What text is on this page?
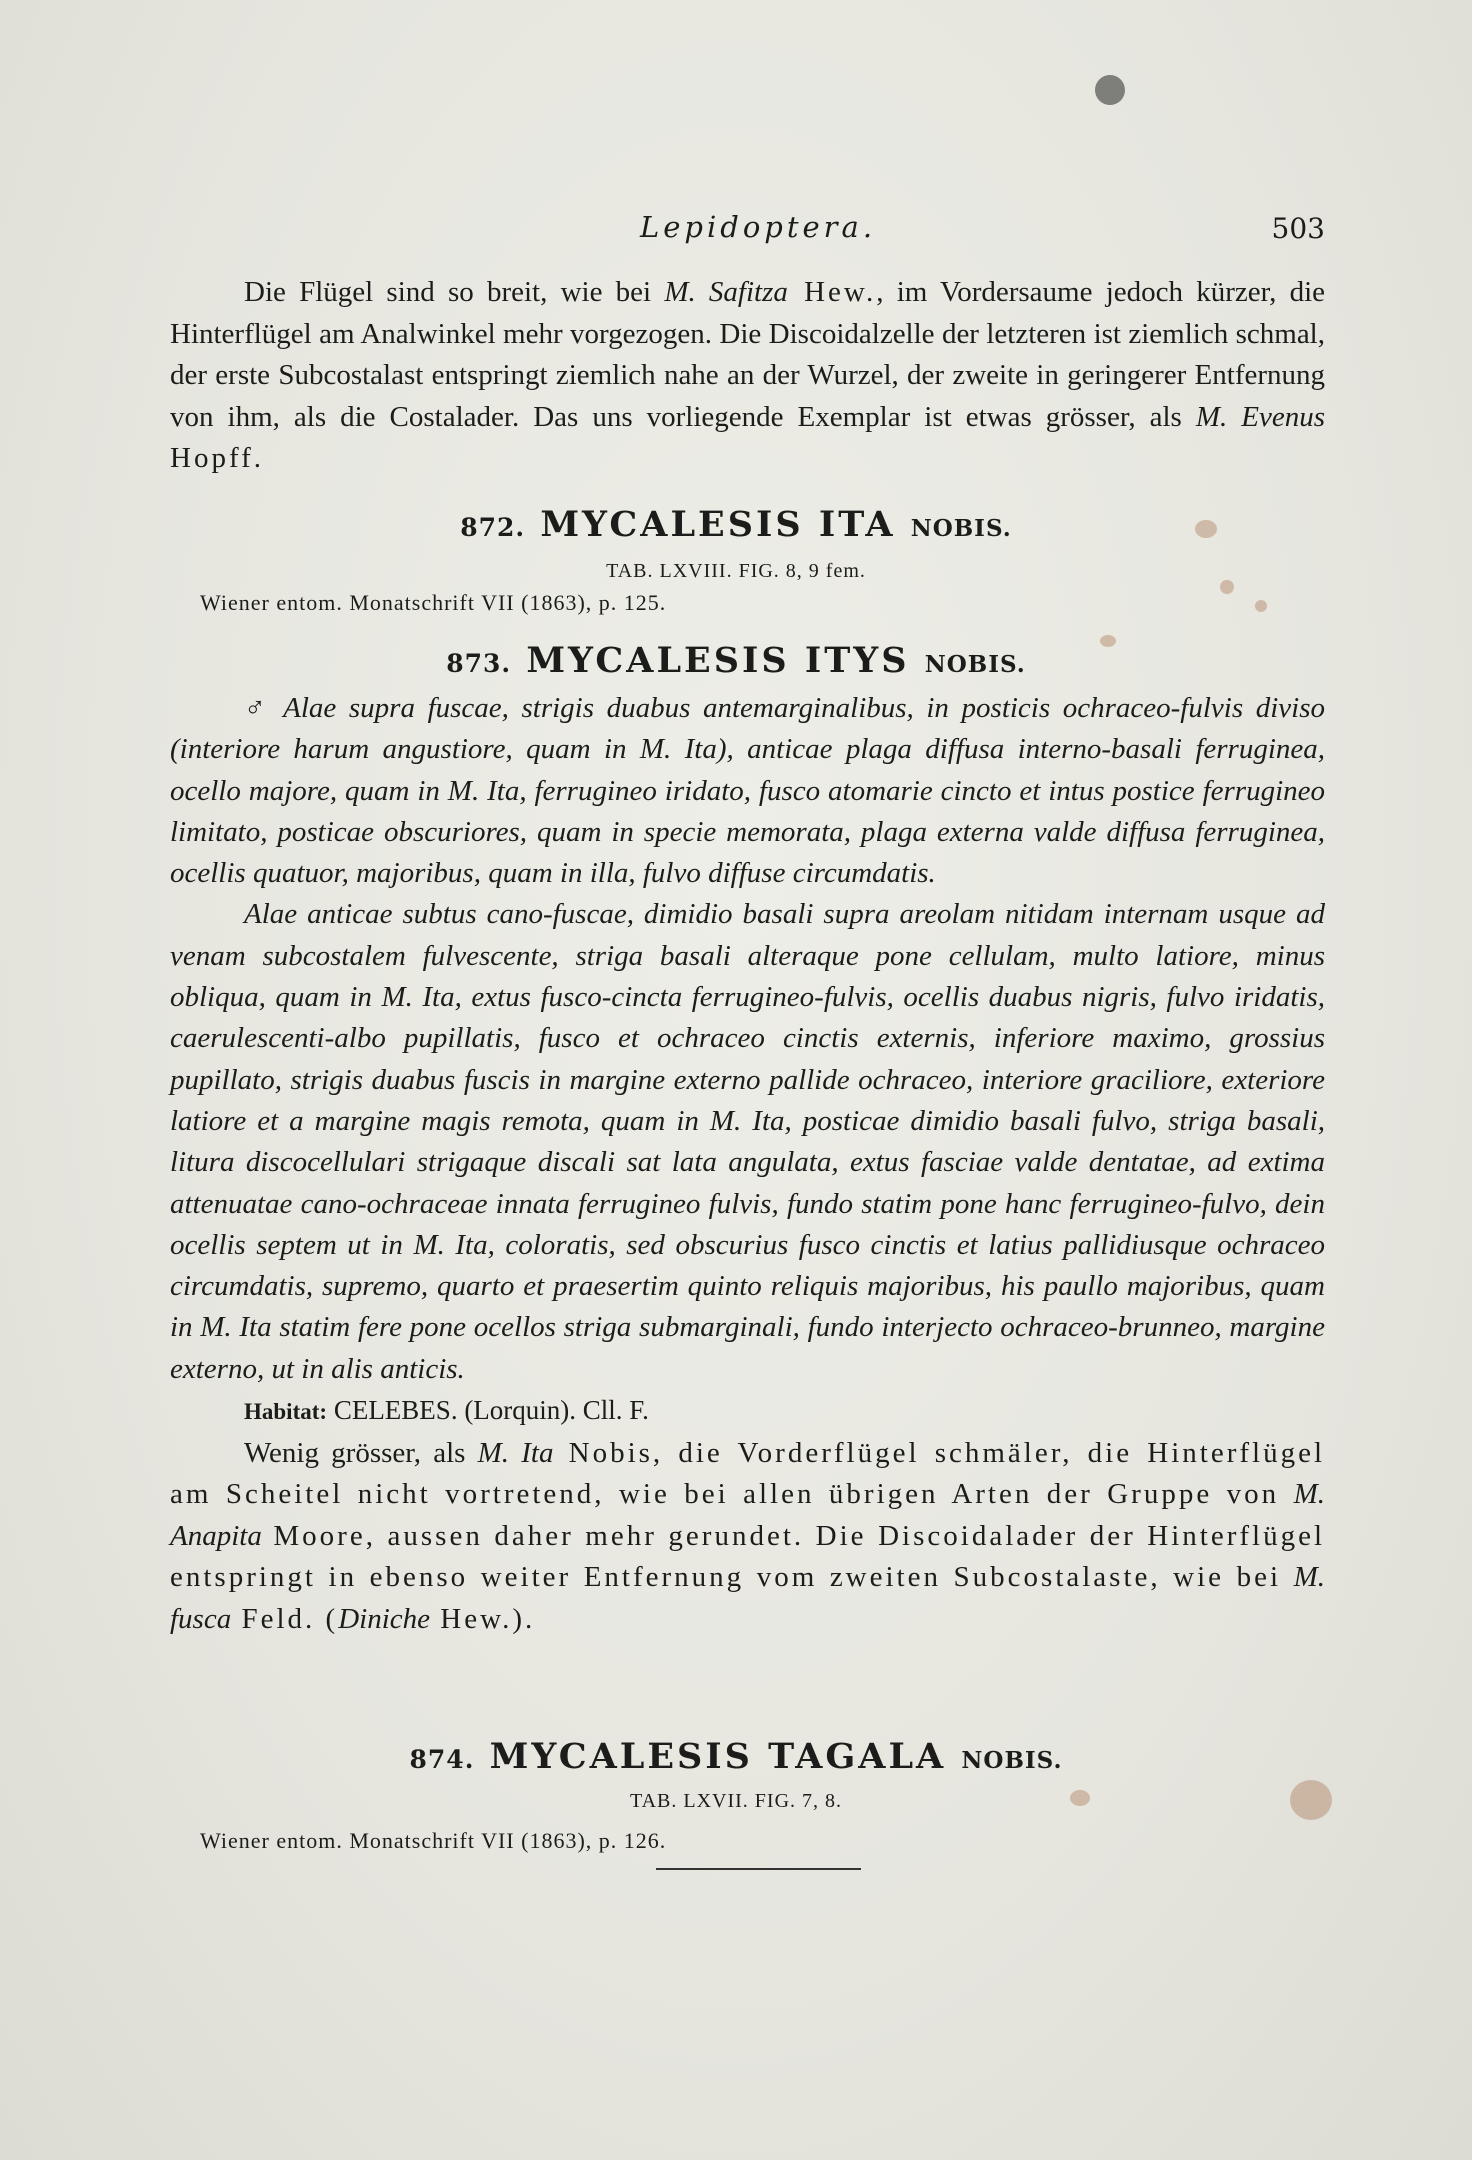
Lepidoptera.	503

Die Flügel sind so breit, wie bei M. Safitza Hew., im Vordersaume jedoch kürzer, die Hinterflügel am Analwinkel mehr vorgezogen. Die Discoidalzelle der letzteren ist ziemlich schmal, der erste Subcostalast entspringt ziemlich nahe an der Wurzel, der zweite in geringerer Entfernung von ihm, als die Costalader. Das uns vorliegende Exemplar ist etwas grösser, als M. Evenus Hopff.

872. MYCALESIS ITA NOBIS.
TAB. LXVIII. FIG. 8, 9 fem.
Wiener entom. Monatschrift VII (1863), p. 125.
873. MYCALESIS ITYS NOBIS.

♂ Alae supra fuscae, strigis duabus antemarginalibus, in posticis ochraceo-fulvis diviso (interiore harum angustiore, quam in M. Ita), anticae plaga diffusa interno-basali ferruginea, ocello majore, quam in M. Ita, ferrugineo iridato, fusco atomarie cincto et intus postice ferrugineo limitato, posticae obscuriores, quam in specie memorata, plaga externa valde diffusa ferruginea, ocellis quatuor, majoribus, quam in illa, fulvo diffuse circumdatis.

Alae anticae subtus cano-fuscae, dimidio basali supra areolam nitidam internam usque ad venam subcostalem fulvescente, striga basali alteraque pone cellulam, multo latiore, minus obliqua, quam in M. Ita, extus fusco-cincta ferrugineo-fulvis, ocellis duabus nigris, fulvo iridatis, caerulescenti-albo pupillatis, fusco et ochraceo cinctis externis, inferiore maximo, grossius pupillato, strigis duabus fuscis in margine externo pallide ochraceo, interiore graciliore, exteriore latiore et a margine magis remota, quam in M. Ita, posticae dimidio basali fulvo, striga basali, litura discocellulari strigaque discali sat lata angulata, extus fasciae valde dentatae, ad extima attenuatae cano-ochraceae innata ferrugineo fulvis, fundo statim pone hanc ferrugineo-fulvo, dein ocellis septem ut in M. Ita, coloratis, sed obscurius fusco cinctis et latius pallidiusque ochraceo circumdatis, supremo, quarto et praesertim quinto reliquis majoribus, his paullo majoribus, quam in M. Ita statim fere pone ocellos striga submarginali, fundo interjecto ochraceo-brunneo, margine externo, ut in alis anticis.

Habitat: CELEBES. (Lorquin). Cll. F.

Wenig grösser, als M. Ita Nobis, die Vorderflügel schmäler, die Hinterflügel am Scheitel nicht vortretend, wie bei allen übrigen Arten der Gruppe von M. Anapita Moore, aussen daher mehr gerundet. Die Discoidalader der Hinterflügel entspringt in ebenso weiter Entfernung vom zweiten Subcostalaste, wie bei M. fusca Feld. (Diniche Hew.).

874. MYCALESIS TAGALA NOBIS.
TAB. LXVII. FIG. 7, 8.
Wiener entom. Monatschrift VII (1863), p. 126.
